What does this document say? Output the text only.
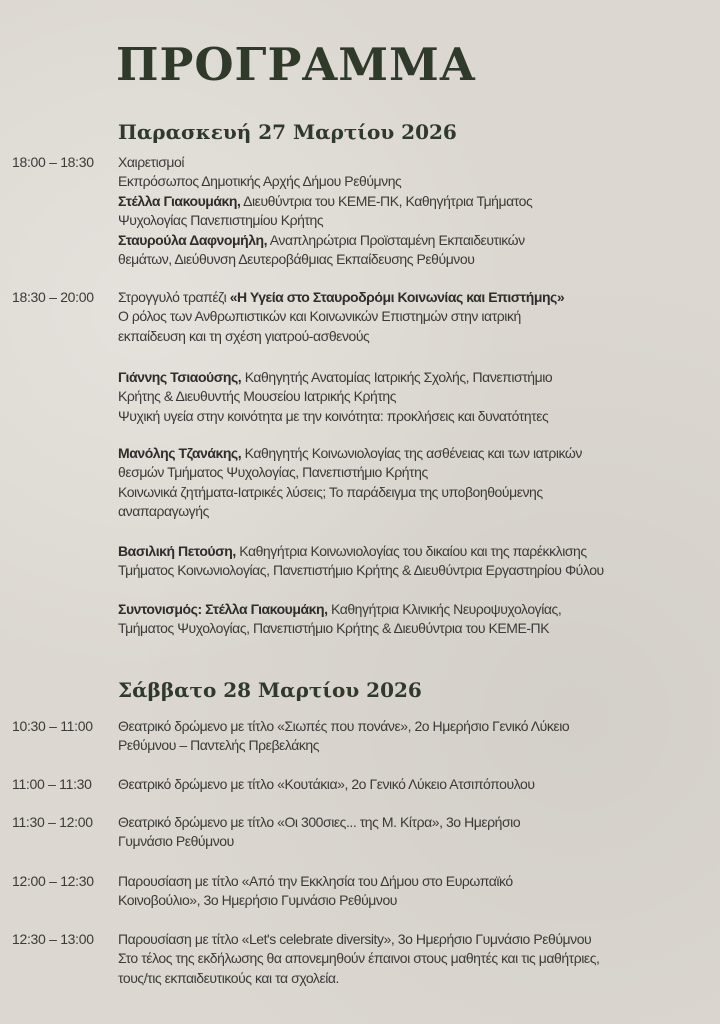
ΠΡΟΓΡΑΜΜΑ
Παρασκευή 27 Μαρτίου 2026
18:00 – 18:30 Χαιρετισμοί
Εκπρόσωπος Δημοτικής Αρχής Δήμου Ρεθύμνης
Στέλλα Γιακουμάκη, Διευθύντρια του ΚΕΜΕ-ΠΚ, Καθηγήτρια Τμήματος
Ψυχολογίας Πανεπιστημίου Κρήτης
Σταυρούλα Δαφνομήλη, Αναπληρώτρια Προϊσταμένη Εκπαιδευτικών
θεμάτων, Διεύθυνση Δευτεροβάθμιας Εκπαίδευσης Ρεθύμνου
18:30 – 20:00 Στρογγυλό τραπέζι «Η Υγεία στο Σταυροδρόμι Κοινωνίας και Επιστήμης»
Ο ρόλος των Ανθρωπιστικών και Κοινωνικών Επιστημών στην ιατρική
εκπαίδευση και τη σχέση γιατρού-ασθενούς
Γιάννης Τσιαούσης, Καθηγητής Ανατομίας Ιατρικής Σχολής, Πανεπιστήμιο
Κρήτης & Διευθυντής Μουσείου Ιατρικής Κρήτης
Ψυχική υγεία στην κοινότητα με την κοινότητα: προκλήσεις και δυνατότητες
Μανόλης Τζανάκης, Καθηγητής Κοινωνιολογίας της ασθένειας και των ιατρικών
θεσμών Τμήματος Ψυχολογίας, Πανεπιστήμιο Κρήτης
Κοινωνικά ζητήματα-Ιατρικές λύσεις; Το παράδειγμα της υποβοηθούμενης
αναπαραγωγής
Βασιλική Πετούση, Καθηγήτρια Κοινωνιολογίας του δικαίου και της παρέκκλισης
Τμήματος Κοινωνιολογίας, Πανεπιστήμιο Κρήτης & Διευθύντρια Εργαστηρίου Φύλου
Συντονισμός: Στέλλα Γιακουμάκη, Καθηγήτρια Κλινικής Νευροψυχολογίας,
Τμήματος Ψυχολογίας, Πανεπιστήμιο Κρήτης & Διευθύντρια του ΚΕΜΕ-ΠΚ
Σάββατο 28 Μαρτίου 2026
10:30 – 11:00 Θεατρικό δρώμενο με τίτλο «Σιωπές που πονάνε», 2ο Ημερήσιο Γενικό Λύκειο
Ρεθύμνου – Παντελής Πρεβελάκης
11:00 – 11:30 Θεατρικό δρώμενο με τίτλο «Κουτάκια», 2ο Γενικό Λύκειο Ατσιπόπουλου
11:30 – 12:00 Θεατρικό δρώμενο με τίτλο «Οι 300σιες... της Μ. Κίτρα», 3ο Ημερήσιο
Γυμνάσιο Ρεθύμνου
12:00 – 12:30 Παρουσίαση με τίτλο «Από την Εκκλησία του Δήμου στο Ευρωπαϊκό
Κοινοβούλιο», 3ο Ημερήσιο Γυμνάσιο Ρεθύμνου
12:30 – 13:00 Παρουσίαση με τίτλο «Let's celebrate diversity», 3ο Ημερήσιο Γυμνάσιο Ρεθύμνου
Στο τέλος της εκδήλωσης θα απονεμηθούν έπαινοι στους μαθητές και τις μαθήτριες,
τους/τις εκπαιδευτικούς και τα σχολεία.
